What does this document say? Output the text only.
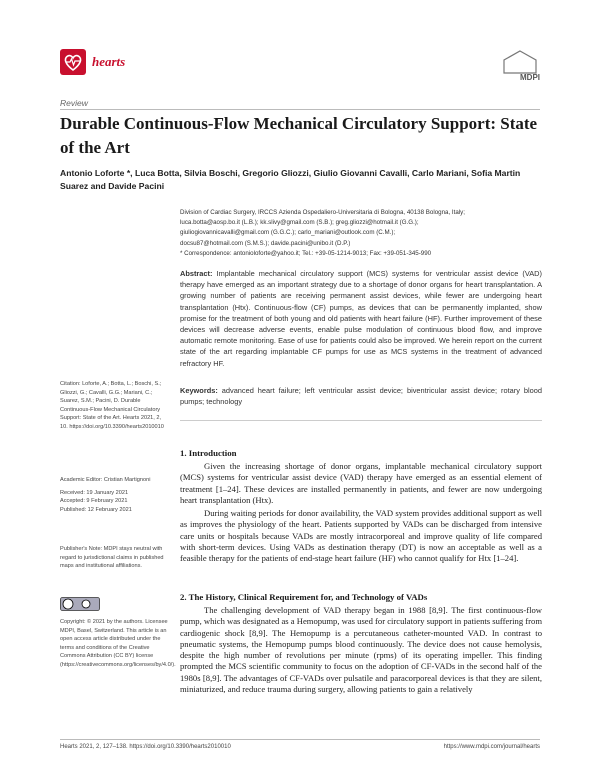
hearts
MDPI
Review
Durable Continuous-Flow Mechanical Circulatory Support: State of the Art
Antonio Loforte *, Luca Botta, Silvia Boschi, Gregorio Gliozzi, Giulio Giovanni Cavalli, Carlo Mariani, Sofia Martin Suarez and Davide Pacini
Division of Cardiac Surgery, IRCCS Azienda Ospedaliero-Universitaria di Bologna, 40138 Bologna, Italy;
luca.botta@aosp.bo.it (L.B.); kk.slivy@gmail.com (S.B.); greg.gliozzi@hotmail.it (G.G.);
giuliogiovannicavalli@gmail.com (G.G.C.); carlo_mariani@outlook.com (C.M.);
docsu87@hotmail.com (S.M.S.); davide.pacini@unibo.it (D.P.)
* Correspondence: antonioloforte@yahoo.it; Tel.: +39-05-1214-9013; Fax: +39-051-345-990
Abstract: Implantable mechanical circulatory support (MCS) systems for ventricular assist device (VAD) therapy have emerged as an important strategy due to a shortage of donor organs for heart transplantation. A growing number of patients are receiving permanent assist devices, while fewer are undergoing heart transplantation (Htx). Continuous-flow (CF) pumps, as devices that can be permanently implanted, show promise for the treatment of both young and old patients with heart failure (HF). Further improvement of these devices will decrease adverse events, enable pulse modulation of continuous blood flow, and improve automatic remote monitoring. Ease of use for patients could also be improved. We herein report on the current state of the art regarding implantable CF pumps for use as MCS systems in the treatment of advanced refractory HF.
Keywords: advanced heart failure; left ventricular assist device; biventricular assist device; rotary blood pumps; technology
Citation: Loforte, A.; Botta, L.; Boschi, S.; Gliozzi, G.; Cavalli, G.G.; Mariani, C.; Suarez, S.M.; Pacini, D. Durable Continuous-Flow Mechanical Circulatory Support: State of the Art. Hearts 2021, 2, 10. https://doi.org/10.3390/hearts2010010
Academic Editor: Cristian Martignoni
Received: 19 January 2021
Accepted: 9 February 2021
Published: 12 February 2021
Publisher's Note: MDPI stays neutral with regard to jurisdictional claims in published maps and institutional affiliations.
Copyright: © 2021 by the authors. Licensee MDPI, Basel, Switzerland. This article is an open access article distributed under the terms and conditions of the Creative Commons Attribution (CC BY) license (https://creativecommons.org/licenses/by/4.0/).
1. Introduction

Given the increasing shortage of donor organs, implantable mechanical circulatory support (MCS) systems for ventricular assist device (VAD) therapy have emerged as an essential element of treatment [1–24]. These devices are installed permanently in patients, and fewer are now undergoing heart transplantation (Htx).

During waiting periods for donor availability, the VAD system provides additional support as well as improves the physiology of the heart. Patients supported by VADs can be discharged from intensive care units or hospitals because VADs are mostly intracorporeal and improve quality of life compared with short-term devices. Using VADs as destination therapy (DT) is now an acceptable as well as a feasible therapy for the patients of end-stage heart failure (HF) who cannot qualify for Htx [1–24].

2. The History, Clinical Requirement for, and Technology of VADs

The challenging development of VAD therapy began in 1988 [8,9]. The first continuous-flow pump, which was designated as a Hemopump, was used for circulatory support in patients suffering from cardiogenic shock [8,9]. The Hemopump is a percutaneous catheter-mounted VAD. In contrast to pneumatic systems, the Hemopump pumps blood continuously. The device does not cause hemolysis, despite the high number of revolutions per minute (rpms) of its operating impeller. This finding prompted the MCS scientific community to focus on the adoption of CF-VADs in the second half of the 1980s [8,9]. The advantages of CF-VADs over pulsatile and paracorporeal devices is that they are silent, miniaturized, and reduce trauma during surgery, allowing patients to gain a relatively

Hearts 2021, 2, 127–138. https://doi.org/10.3390/hearts2010010	https://www.mdpi.com/journal/hearts
